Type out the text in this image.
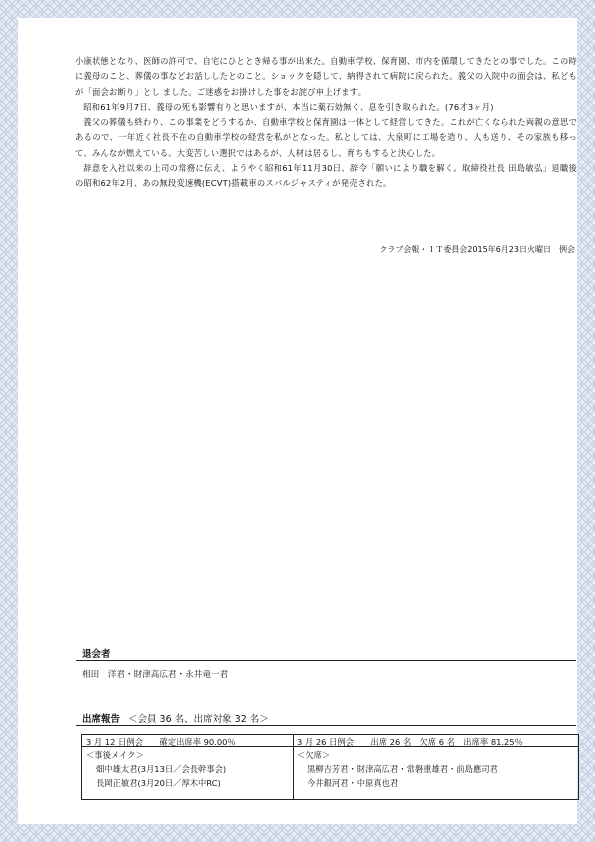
小康状態となり、医師の許可で、自宅にひととき帰る事が出来た。自動車学校、保育園、市内を循環してきたとの事でした。この時に義母のこと、葬儀の事などお話ししたとのこと。ショックを隠して、納得されて病院に戻られた。義父の入院中の面会は、私どもが「面会お断り」とし ました。ご迷惑をお掛けした事をお詫び申上げます。

昭和61年9月7日、義母の死も影響有りと思いますが、本当に薬石効無く、息を引き取られた。(76才3ヶ月)

義父の葬儀も終わり、この事業をどうするか、自動車学校と保育園は一体として経営してきた。これが亡くなられた両親の意思であるので、一年近く社長不在の自動車学校の経営を私がとなった。私としては、大泉町に工場を造り、人も送り、その家族も移って、みんなが燃えている。大変苦しい選択ではあるが、人材は居るし、育ちもすると決心した。

辞意を入社以来の上司の常務に伝え、ようやく昭和61年11月30日、辞令「願いにより職を解く。取締役社長 田島敏弘」退職後の昭和62年2月、あの無段変速機(ECVT)搭載車のスバルジャスティが発売された。

クラブ会報・ＩＴ委員会2015年6月23日火曜日　例会
退会者
相田　洋君・財津高広君・永井竜一君
出席報告 ＜会員 36 名、出席対象 32 名＞
3 月 12 日例会　　確定出席率 90.00％
＜事後メイク＞
畑中雄太君(3月13日／会長幹事会)
長岡正敏君(3月20日／厚木中RC)
3 月 26 日例会　　出席 26 名　欠席 6 名　出席率 81.25％
＜欠席＞
黒柳吉芳君・財津高広君・常磐重雄君・前島應司君
今井銀河君・中原真也君
